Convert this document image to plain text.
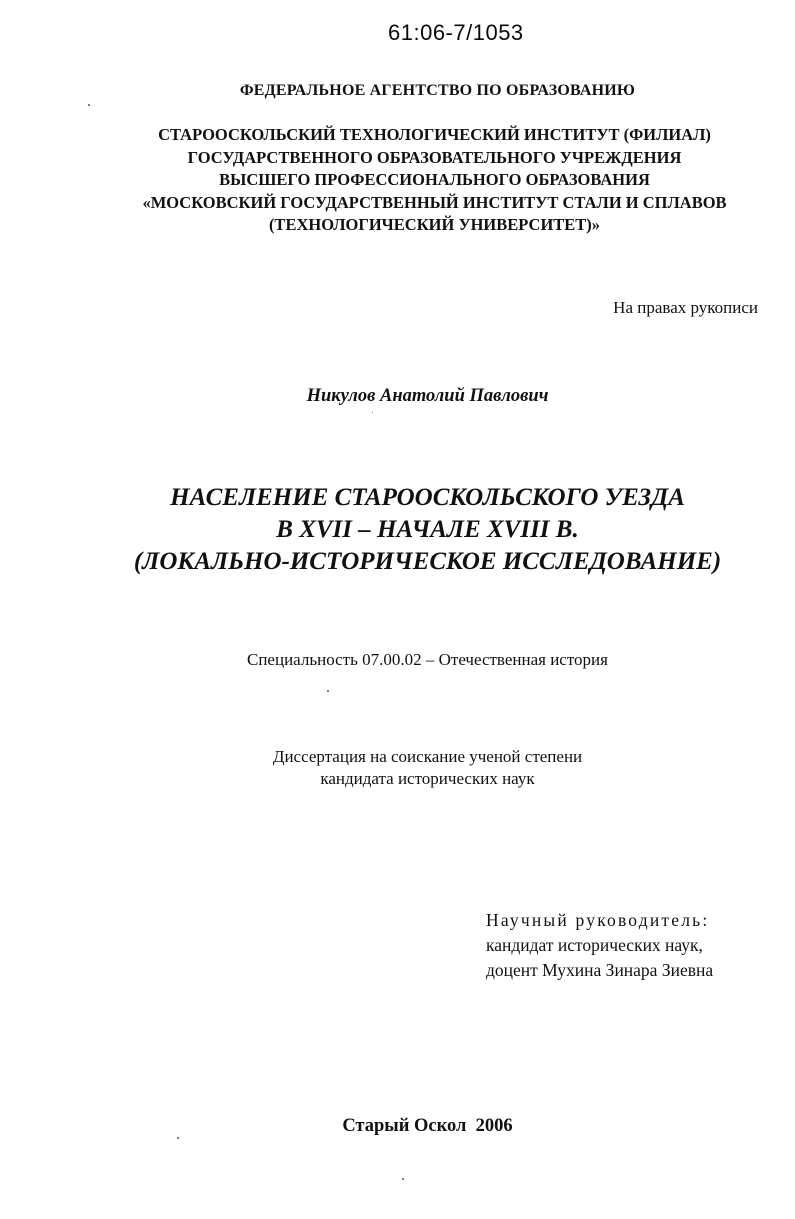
61:06-7/1053
ФЕДЕРАЛЬНОЕ АГЕНТСТВО ПО ОБРАЗОВАНИЮ
СТАРООСКОЛЬСКИЙ ТЕХНОЛОГИЧЕСКИЙ ИНСТИТУТ (ФИЛИАЛ)
ГОСУДАРСТВЕННОГО ОБРАЗОВАТЕЛЬНОГО УЧРЕЖДЕНИЯ
ВЫСШЕГО ПРОФЕССИОНАЛЬНОГО ОБРАЗОВАНИЯ
«МОСКОВСКИЙ ГОСУДАРСТВЕННЫЙ ИНСТИТУТ СТАЛИ И СПЛАВОВ
(ТЕХНОЛОГИЧЕСКИЙ УНИВЕРСИТЕТ)»
На правах рукописи
Никулов Анатолий Павлович
НАСЕЛЕНИЕ СТАРООСКОЛЬСКОГО УЕЗДА
В XVII – НАЧАЛЕ XVIII В.
(ЛОКАЛЬНО-ИСТОРИЧЕСКОЕ ИССЛЕДОВАНИЕ)
Специальность 07.00.02 – Отечественная история
Диссертация на соискание ученой степени
кандидата исторических наук
Научный руководитель:
кандидат исторических наук,
доцент Мухина Зинара Зиевна
Старый Оскол  2006
